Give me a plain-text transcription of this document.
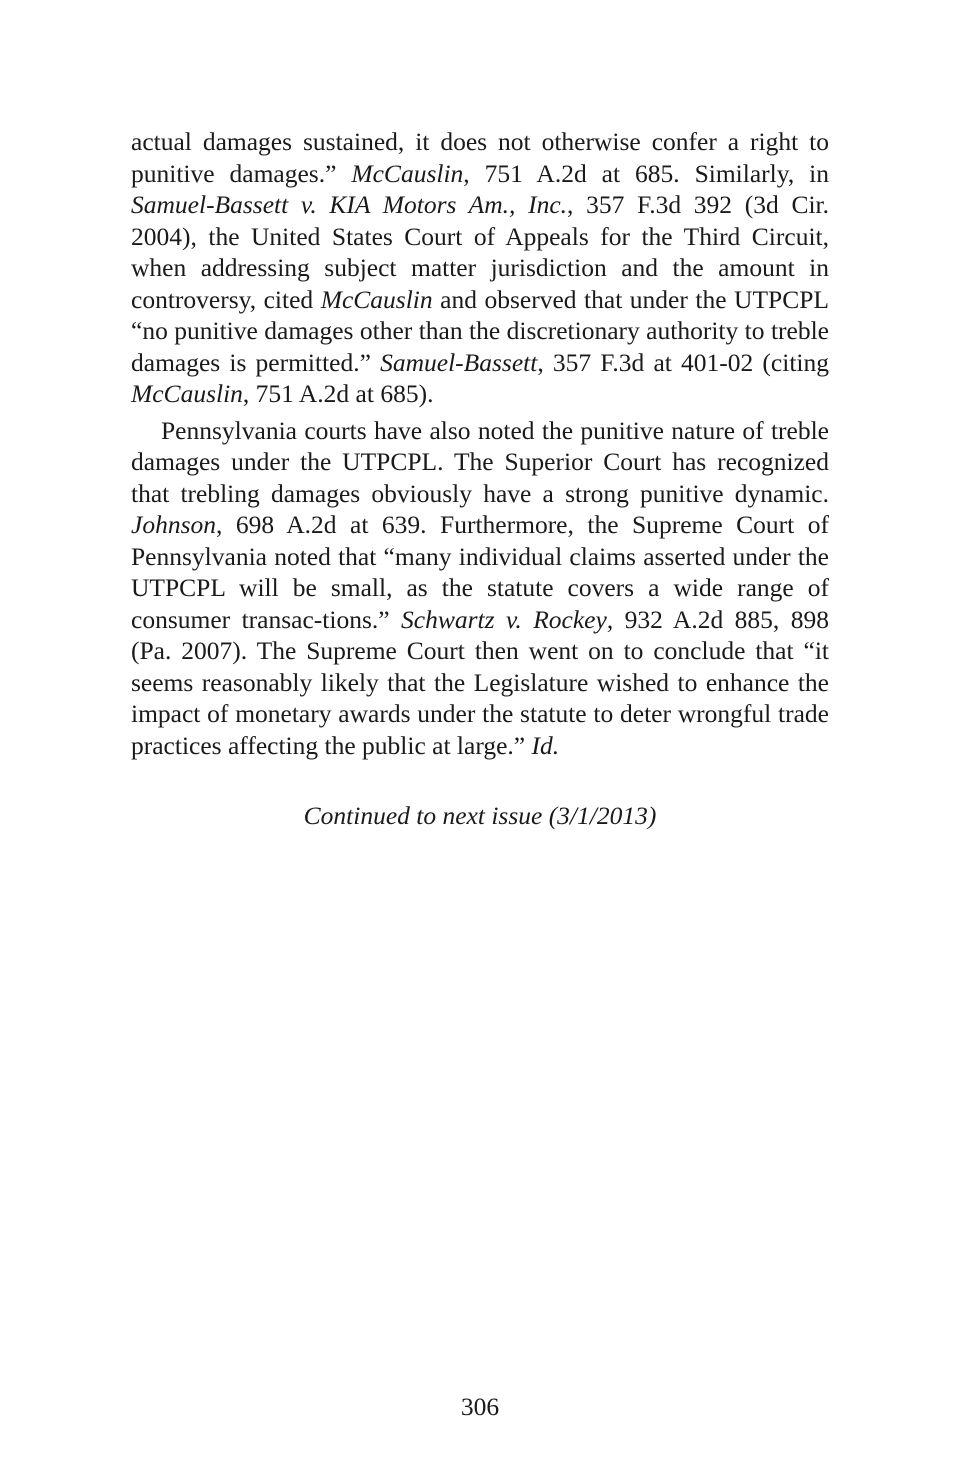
actual damages sustained, it does not otherwise confer a right to punitive damages.” McCauslin, 751 A.2d at 685. Similarly, in Samuel-Bassett v. KIA Motors Am., Inc., 357 F.3d 392 (3d Cir. 2004), the United States Court of Appeals for the Third Circuit, when addressing subject matter jurisdiction and the amount in controversy, cited McCauslin and observed that under the UTPCPL “no punitive damages other than the discretionary authority to treble damages is permitted.” Samuel-Bassett, 357 F.3d at 401-02 (citing McCauslin, 751 A.2d at 685).

Pennsylvania courts have also noted the punitive nature of treble damages under the UTPCPL. The Superior Court has recognized that trebling damages obviously have a strong punitive dynamic. Johnson, 698 A.2d at 639. Furthermore, the Supreme Court of Pennsylvania noted that “many individual claims asserted under the UTPCPL will be small, as the statute covers a wide range of consumer transac-tions.” Schwartz v. Rockey, 932 A.2d 885, 898 (Pa. 2007). The Supreme Court then went on to conclude that “it seems reasonably likely that the Legislature wished to enhance the impact of monetary awards under the statute to deter wrongful trade practices affecting the public at large.” Id.

Continued to next issue (3/1/2013)
306
